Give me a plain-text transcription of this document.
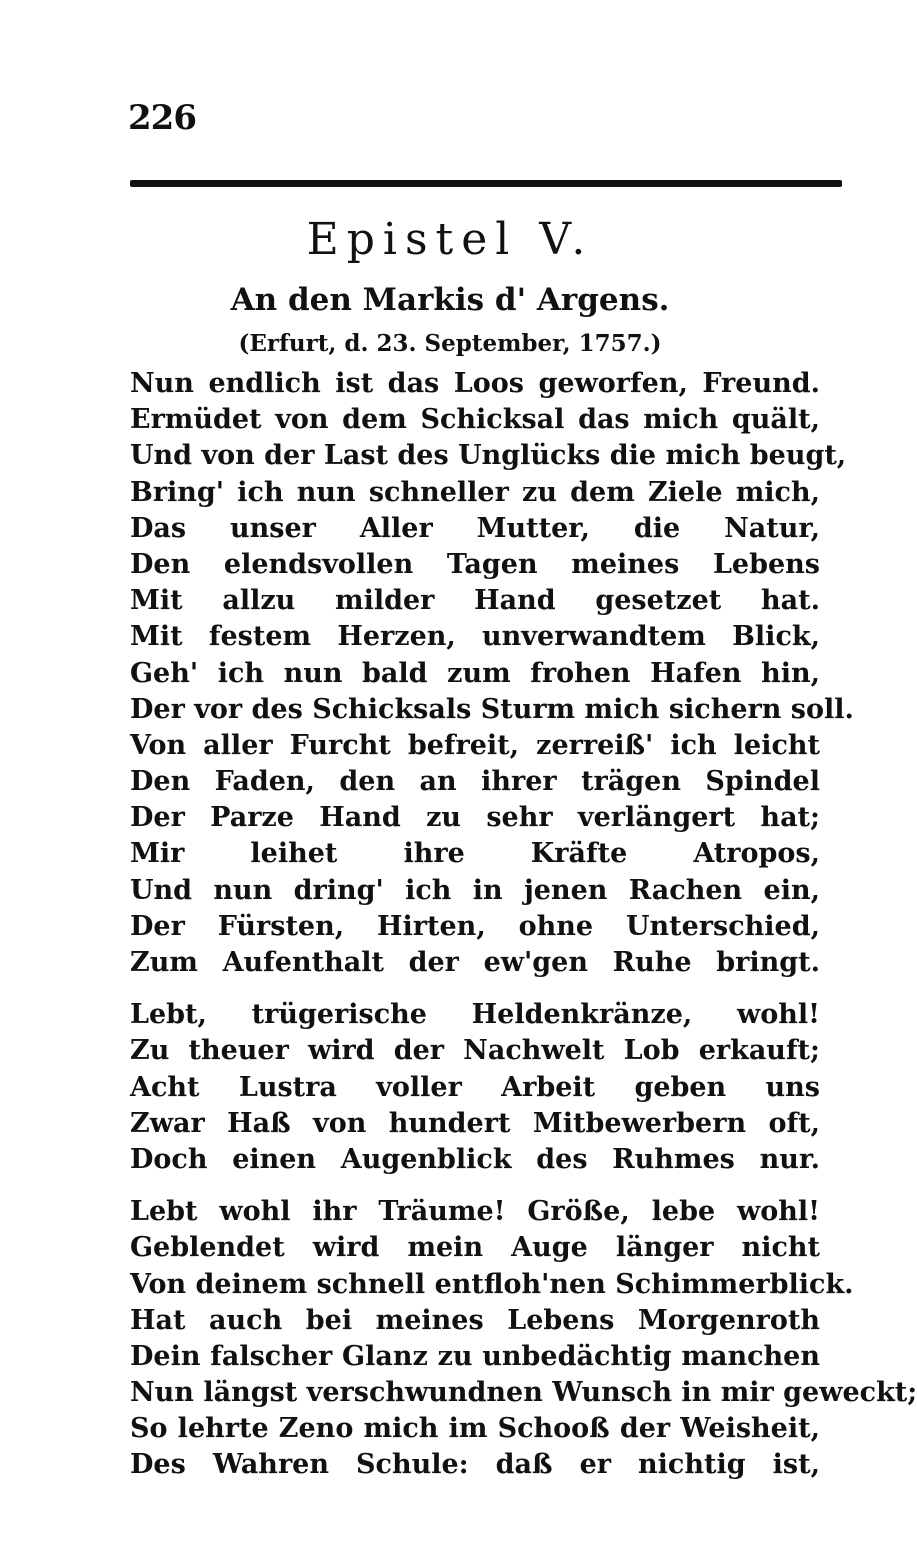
226
Epistel V.
An den Markis d' Argens.
(Erfurt, d. 23. September, 1757.)
Nun endlich ist das Loos geworfen, Freund.
Ermüdet von dem Schicksal das mich quält,
Und von der Last des Unglücks die mich beugt,
Bring' ich nun schneller zu dem Ziele mich,
Das unser Aller Mutter, die Natur,
Den elendsvollen Tagen meines Lebens
Mit allzu milder Hand gesetzet hat.
Mit festem Herzen, unverwandtem Blick,
Geh' ich nun bald zum frohen Hafen hin,
Der vor des Schicksals Sturm mich sichern soll.
Von aller Furcht befreit, zerreiß' ich leicht
Den Faden, den an ihrer trägen Spindel
Der Parze Hand zu sehr verlängert hat;
Mir leihet ihre Kräfte Atropos,
Und nun dring' ich in jenen Rachen ein,
Der Fürsten, Hirten, ohne Unterschied,
Zum Aufenthalt der ew'gen Ruhe bringt.
Lebt, trügerische Heldenkränze, wohl!
Zu theuer wird der Nachwelt Lob erkauft;
Acht Lustra voller Arbeit geben uns
Zwar Haß von hundert Mitbewerbern oft,
Doch einen Augenblick des Ruhmes nur.
Lebt wohl ihr Träume! Größe, lebe wohl!
Geblendet wird mein Auge länger nicht
Von deinem schnell entfloh'nen Schimmerblick.
Hat auch bei meines Lebens Morgenroth
Dein falscher Glanz zu unbedächtig manchen
Nun längst verschwundnen Wunsch in mir geweckt;
So lehrte Zeno mich im Schooß der Weisheit,
Des Wahren Schule: daß er nichtig ist,
